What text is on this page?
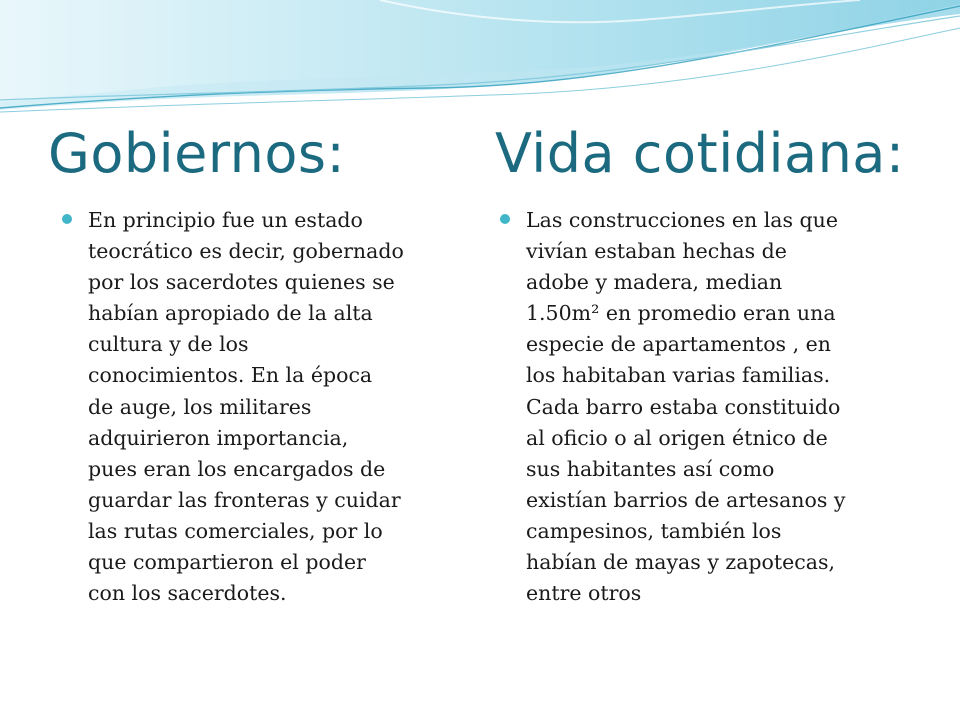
Gobiernos:	Vida cotidiana:
En principio fue un estado
teocrático es decir, gobernado
por los sacerdotes quienes se
habían apropiado de la alta
cultura y de los
conocimientos. En la época
de auge, los militares
adquirieron importancia,
pues eran los encargados de
guardar las fronteras y cuidar
las rutas comerciales, por lo
que compartieron el poder
con los sacerdotes.
Las construcciones en las que
vivían estaban hechas de
adobe y madera, median
1.50m² en promedio eran una
especie de apartamentos , en
los habitaban varias familias.
Cada barro estaba constituido
al oficio o al origen étnico de
sus habitantes así como
existían barrios de artesanos y
campesinos, también los
habían de mayas y zapotecas,
entre otros
